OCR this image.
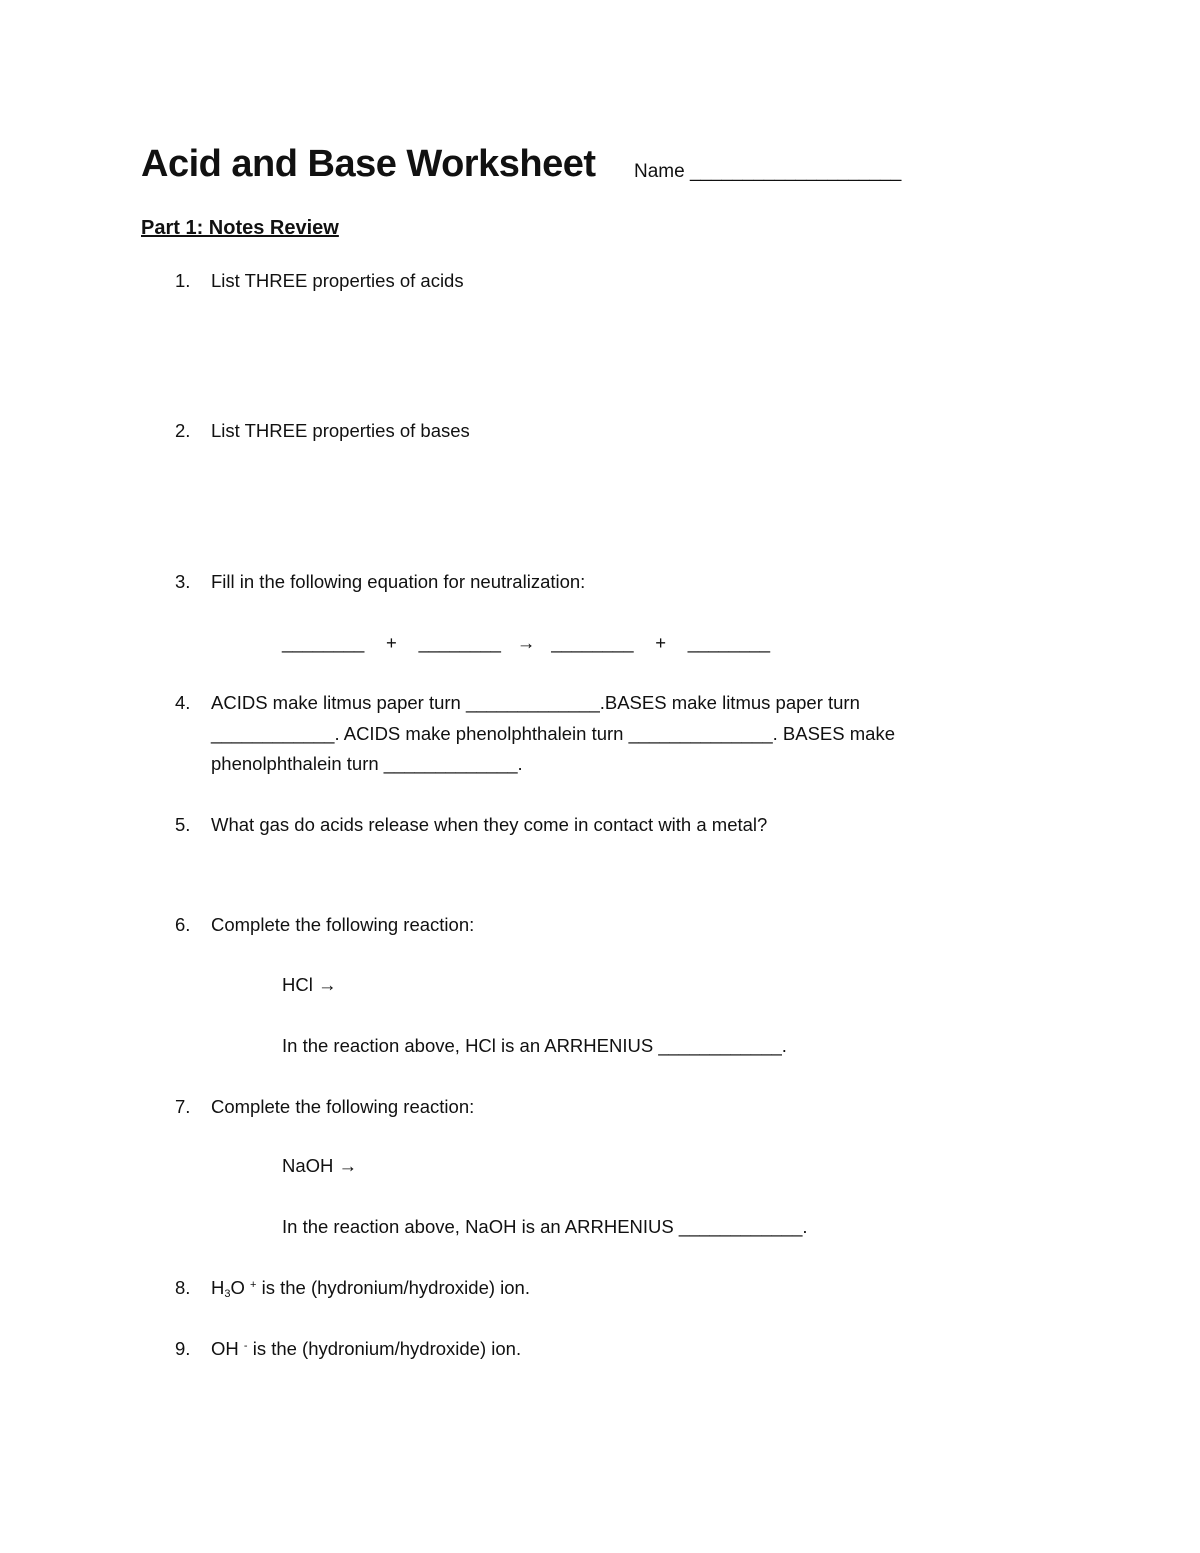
Acid and Base Worksheet Name ____________________
Part 1: Notes Review
1. List THREE properties of acids
2. List THREE properties of bases
3. Fill in the following equation for neutralization:
________ + ________ → ________ + ________
4. ACIDS make litmus paper turn _____________.BASES make litmus paper turn
____________. ACIDS make phenolphthalein turn ______________. BASES make
phenolphthalein turn _____________.
5. What gas do acids release when they come in contact with a metal?
6. Complete the following reaction:
HCl →
In the reaction above, HCl is an ARRHENIUS ____________.
7. Complete the following reaction:
NaOH →
In the reaction above, NaOH is an ARRHENIUS ____________.
8. $H_3O$ + is the (hydronium/hydroxide) ion.
9. OH - is the (hydronium/hydroxide) ion.
